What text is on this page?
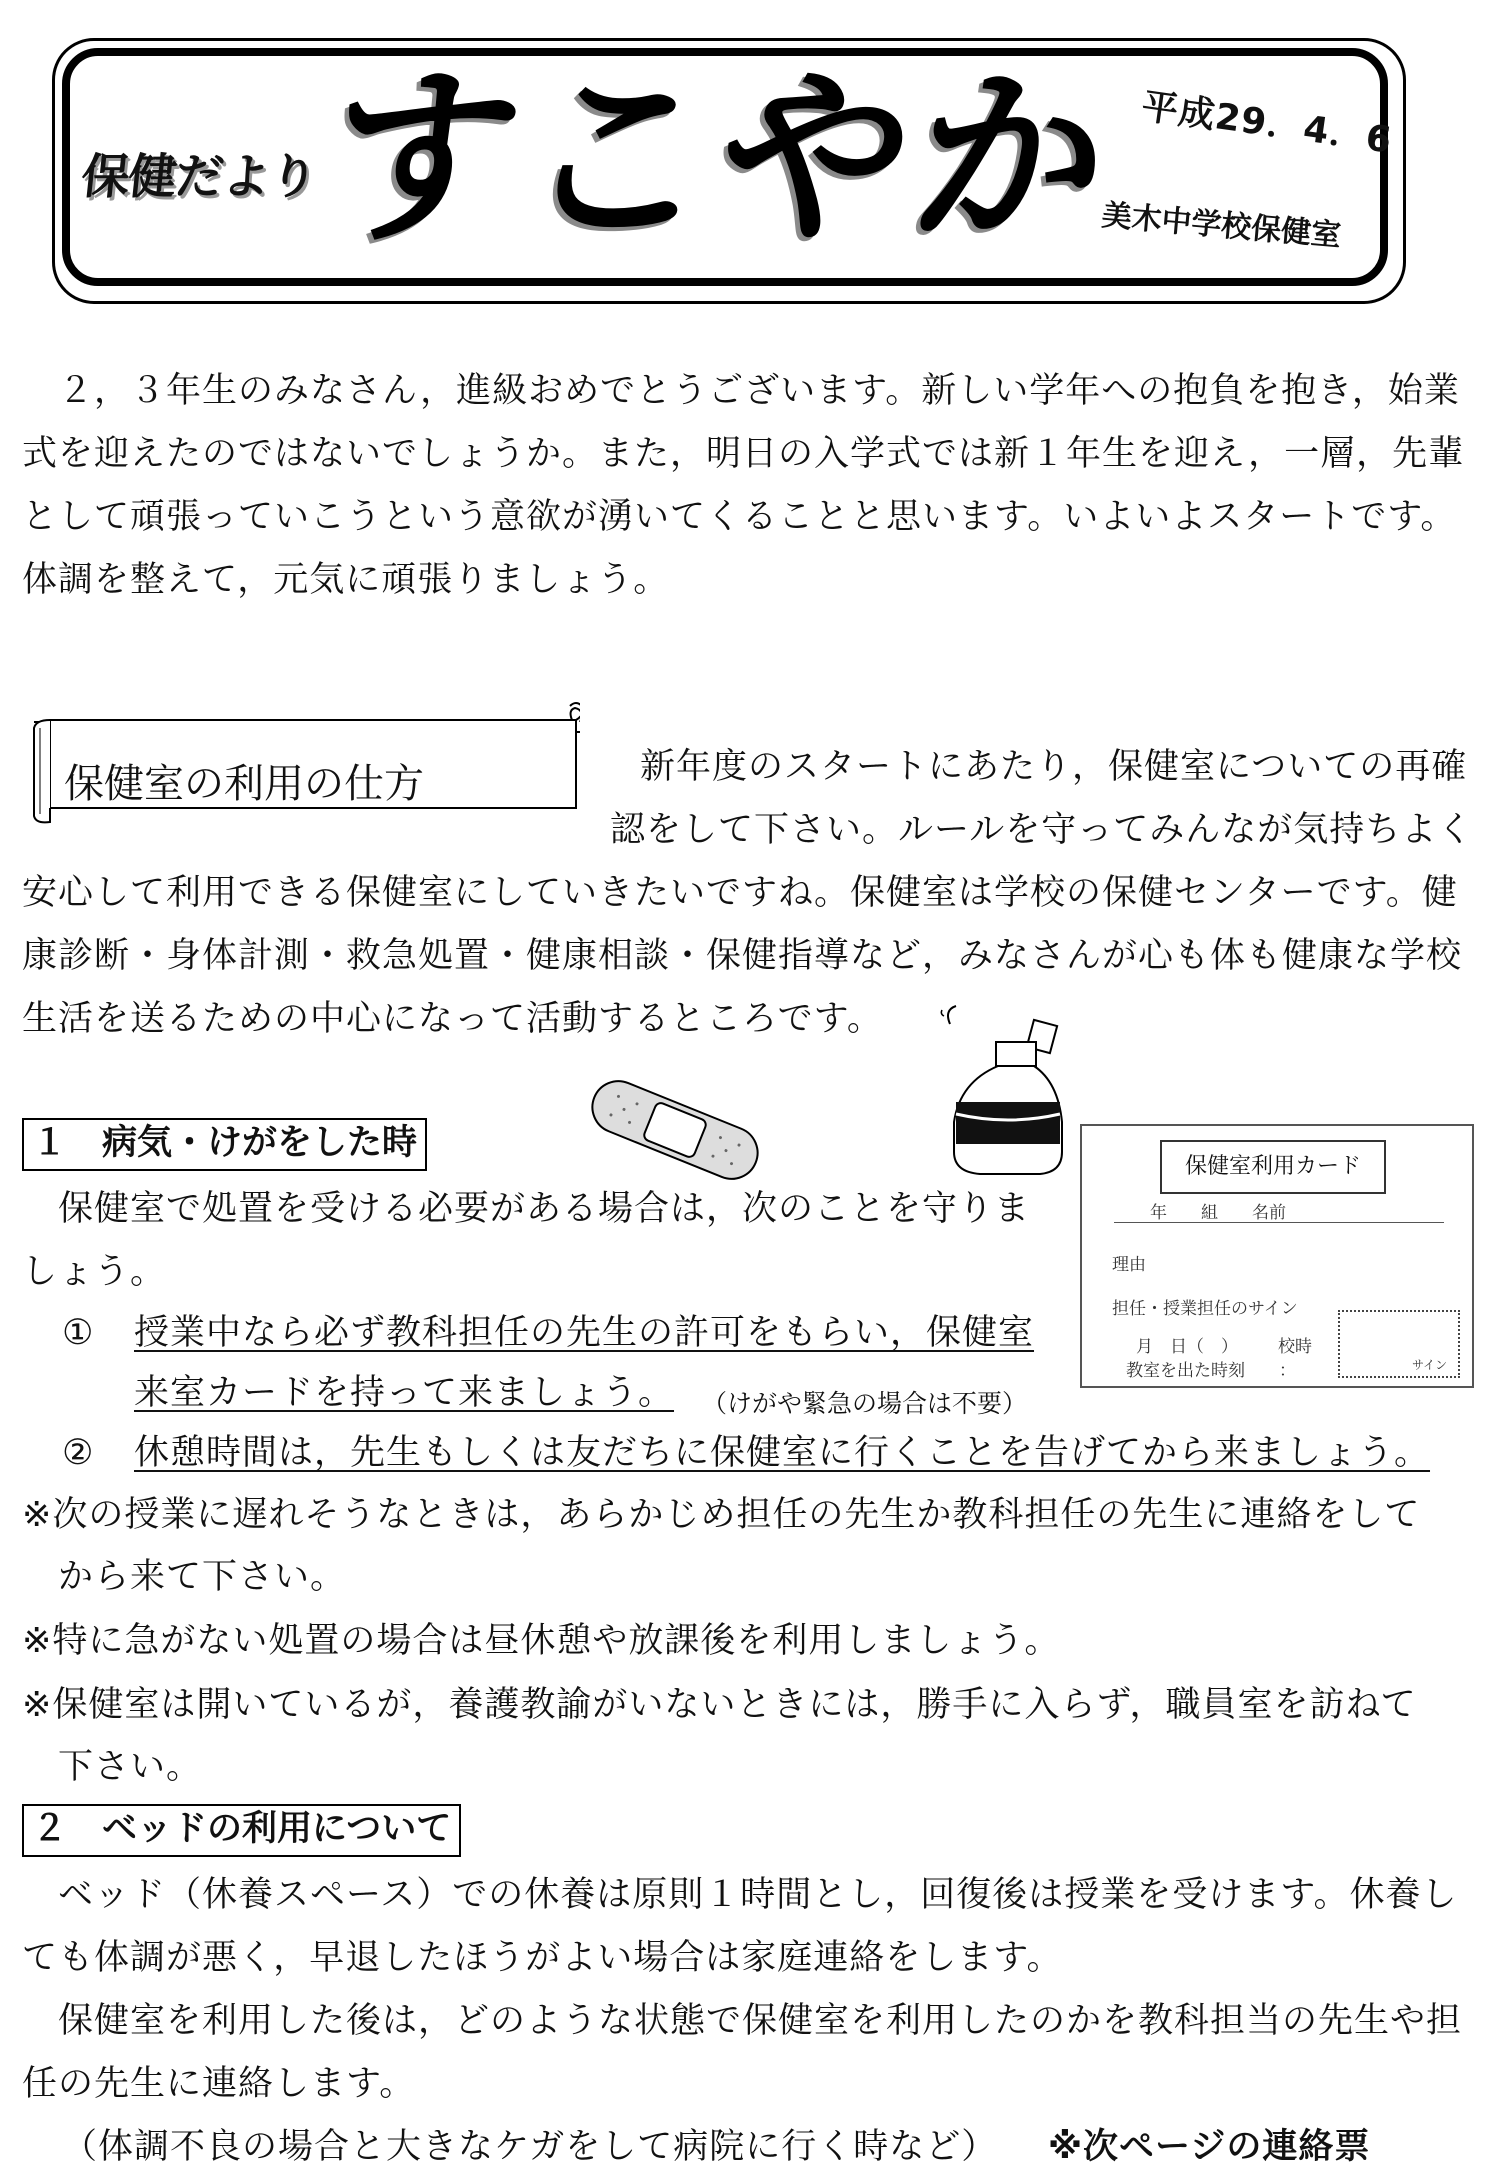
保健だより
すこやか 平成29．4．6
美木中学校保健室
　２，３年生のみなさん，進級おめでとうございます。新しい学年への抱負を抱き，始業
式を迎えたのではないでしょうか。また，明日の入学式では新１年生を迎え，一層，先輩
として頑張っていこうという意欲が湧いてくることと思います。いよいよスタートです。
体調を整えて，元気に頑張りましょう。
保健室の利用の仕方	新年度のスタートにあたり，保健室についての再確
認をして下さい。ルールを守ってみんなが気持ちよく
安心して利用できる保健室にしていきたいですね。保健室は学校の保健センターです。健
康診断・身体計測・救急処置・健康相談・保健指導など，みなさんが心も体も健康な学校
生活を送るための中心になって活動するところです。
１　病気・けがをした時
　保健室で処置を受ける必要がある場合は，次のことを守りま
しょう。
① 授業中なら必ず教科担任の先生の許可をもらい，保健室
来室カードを持って来ましょう。 （けがや緊急の場合は不要）
② 休憩時間は，先生もしくは友だちに保健室に行くことを告げてから来ましょう。
※次の授業に遅れそうなときは，あらかじめ担任の先生か教科担任の先生に連絡をして
　から来て下さい。
※特に急がない処置の場合は昼休憩や放課後を利用しましょう。
※保健室は開いているが，養護教諭がいないときには，勝手に入らず，職員室を訪ねて
　下さい。
保健室利用カード
年　　組　　名前
理由
担任・授業担任のサイン
月　日（　） 校時
教室を出た時刻　　：	サイン
２　ベッドの利用について
　ベッド（休養スペース）での休養は原則１時間とし，回復後は授業を受けます。休養し
ても体調が悪く，早退したほうがよい場合は家庭連絡をします。
　保健室を利用した後は，どのような状態で保健室を利用したのかを教科担当の先生や担
任の先生に連絡します。
（体調不良の場合と大きなケガをして病院に行く時など） ※次ページの連絡票
